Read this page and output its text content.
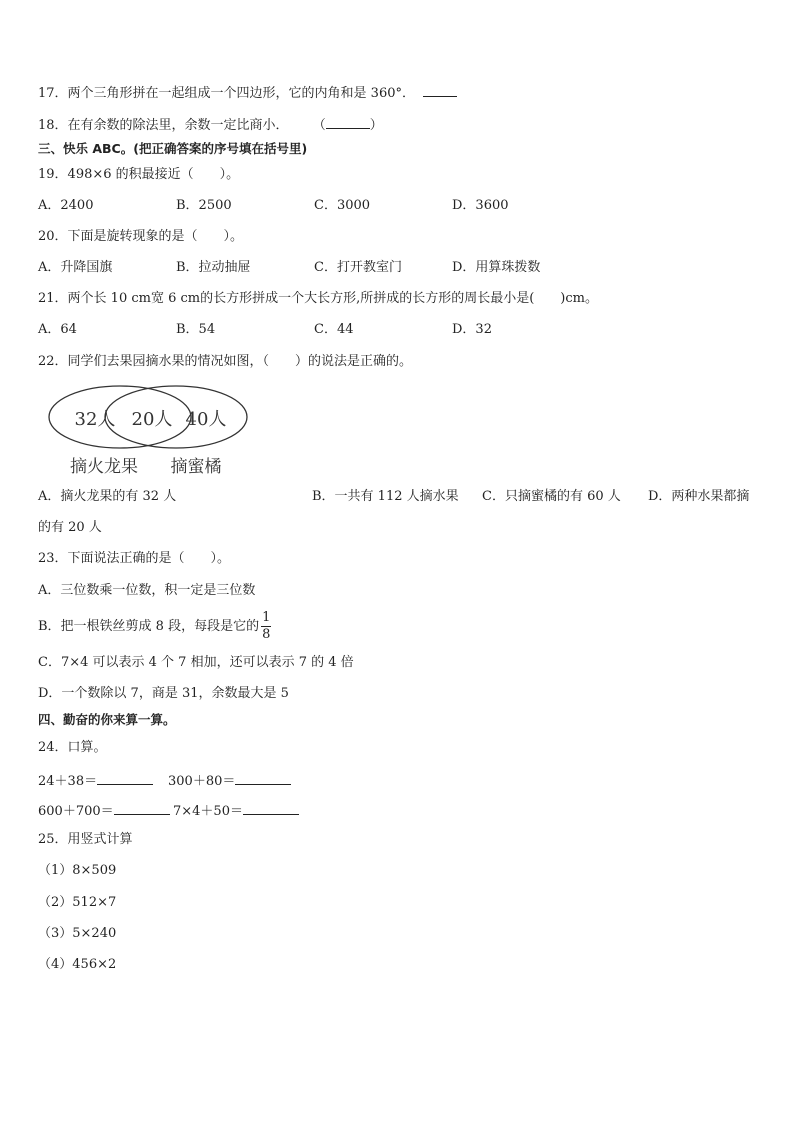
17．两个三角形拼在一起组成一个四边形，它的内角和是 360°．
18．在有余数的除法里，余数一定比商小． （	）
三、快乐 ABC。(把正确答案的序号填在括号里)
19．498×6 的积最接近（　　）。
A．2400	B．2500	C．3000	D．3600
20．下面是旋转现象的是（　　）。
A．升降国旗	B．拉动抽屉	C．打开教室门	D．用算珠拨数
21．两个长 10 cm宽 6 cm的长方形拼成一个大长方形,所拼成的长方形的周长最小是(　　)cm。
A．64	B．54	C．44	D．32
22．同学们去果园摘水果的情况如图，（　　）的说法是正确的。
32人 20人 40人
摘火龙果 摘蜜橘
A．摘火龙果的有 32 人	B．一共有 112 人摘水果 C．只摘蜜橘的有 60 人 D．两种水果都摘
的有 20 人
23．下面说法正确的是（　　）。
A．三位数乘一位数，积一定是三位数
B．把一根铁丝剪成 8 段，每段是它的 $\frac{1}{8}$
C．7×4 可以表示 4 个 7 相加，还可以表示 7 的 4 倍
D．一个数除以 7，商是 31，余数最大是 5
四、勤奋的你来算一算。
24．口算。
24＋38＝	300＋80＝
600＋700＝	7×4＋50＝
25．用竖式计算
（1）8×509
（2）512×7
（3）5×240
（4）456×2
